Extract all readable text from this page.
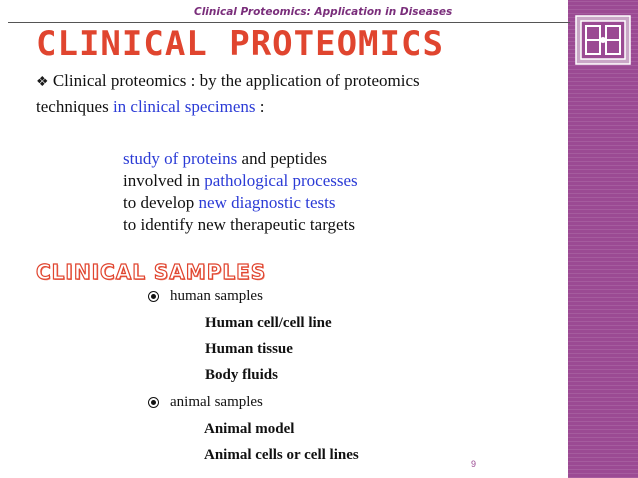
Clinical Proteomics: Application in Diseases
CLINICAL PROTEOMICS
❖ Clinical proteomics : by the application of proteomics
techniques in clinical specimens :
study of proteins and peptides
involved in pathological processes
to develop new diagnostic tests
to identify new therapeutic targets
CLINICAL SAMPLES
human samples
Human cell/cell line
Human tissue
Body fluids
animal samples
Animal model
Animal cells or cell lines
9
